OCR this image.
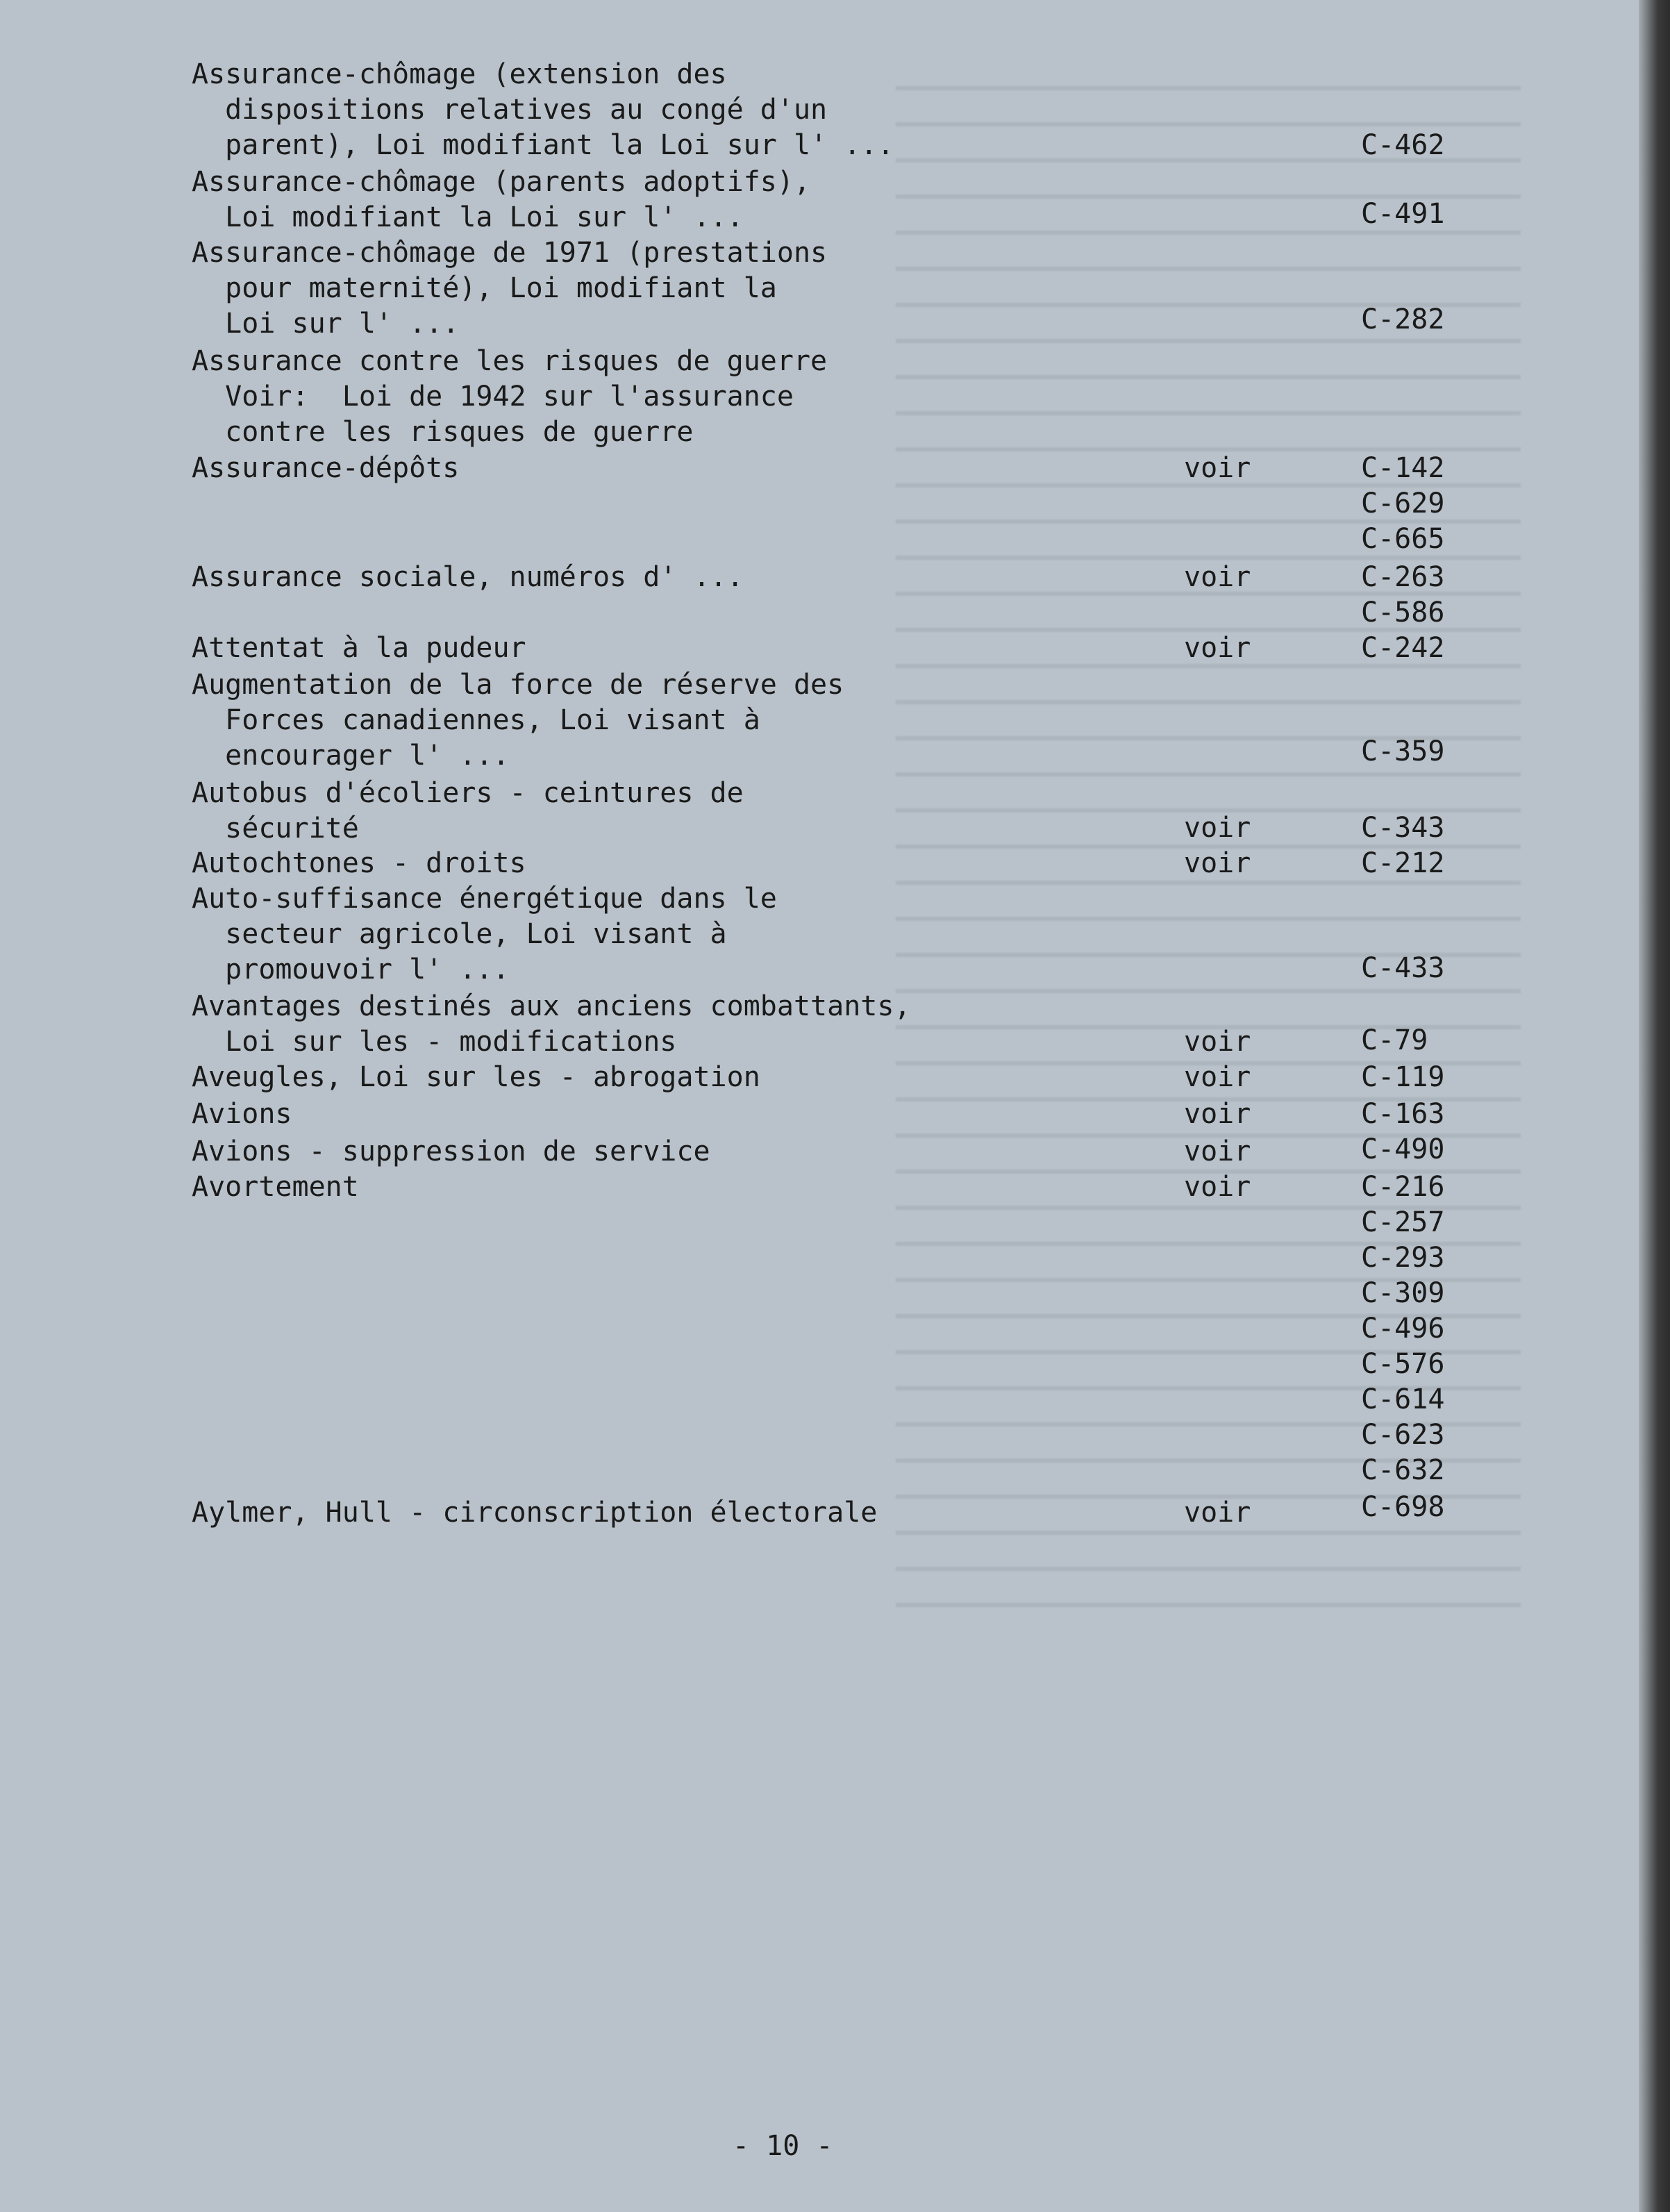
Assurance-chômage (extension des
dispositions relatives au congé d'un
parent), Loi modifiant la Loi sur l' ...	C-462
Assurance-chômage (parents adoptifs),
Loi modifiant la Loi sur l' ...	C-491
Assurance-chômage de 1971 (prestations
pour maternité), Loi modifiant la
Loi sur l' ...	C-282
Assurance contre les risques de guerre
Voir:  Loi de 1942 sur l'assurance
contre les risques de guerre
Assurance-dépôts	voir	C-142
C-629
C-665
Assurance sociale, numéros d' ...	voir	C-263
C-586
Attentat à la pudeur	voir	C-242
Augmentation de la force de réserve des
Forces canadiennes, Loi visant à
encourager l' ...	C-359
Autobus d'écoliers - ceintures de
sécurité	voir	C-343
Autochtones - droits	voir	C-212
Auto-suffisance énergétique dans le
secteur agricole, Loi visant à
promouvoir l' ...	C-433
Avantages destinés aux anciens combattants,
Loi sur les - modifications	voir	C-79
Aveugles, Loi sur les - abrogation	voir	C-119
Avions	voir	C-163
Avions - suppression de service	voir	C-490
Avortement	voir	C-216
C-257
C-293
C-309
C-496
C-576
C-614
C-623
C-632
Aylmer, Hull - circonscription électorale	voir	C-698
- 10 -
